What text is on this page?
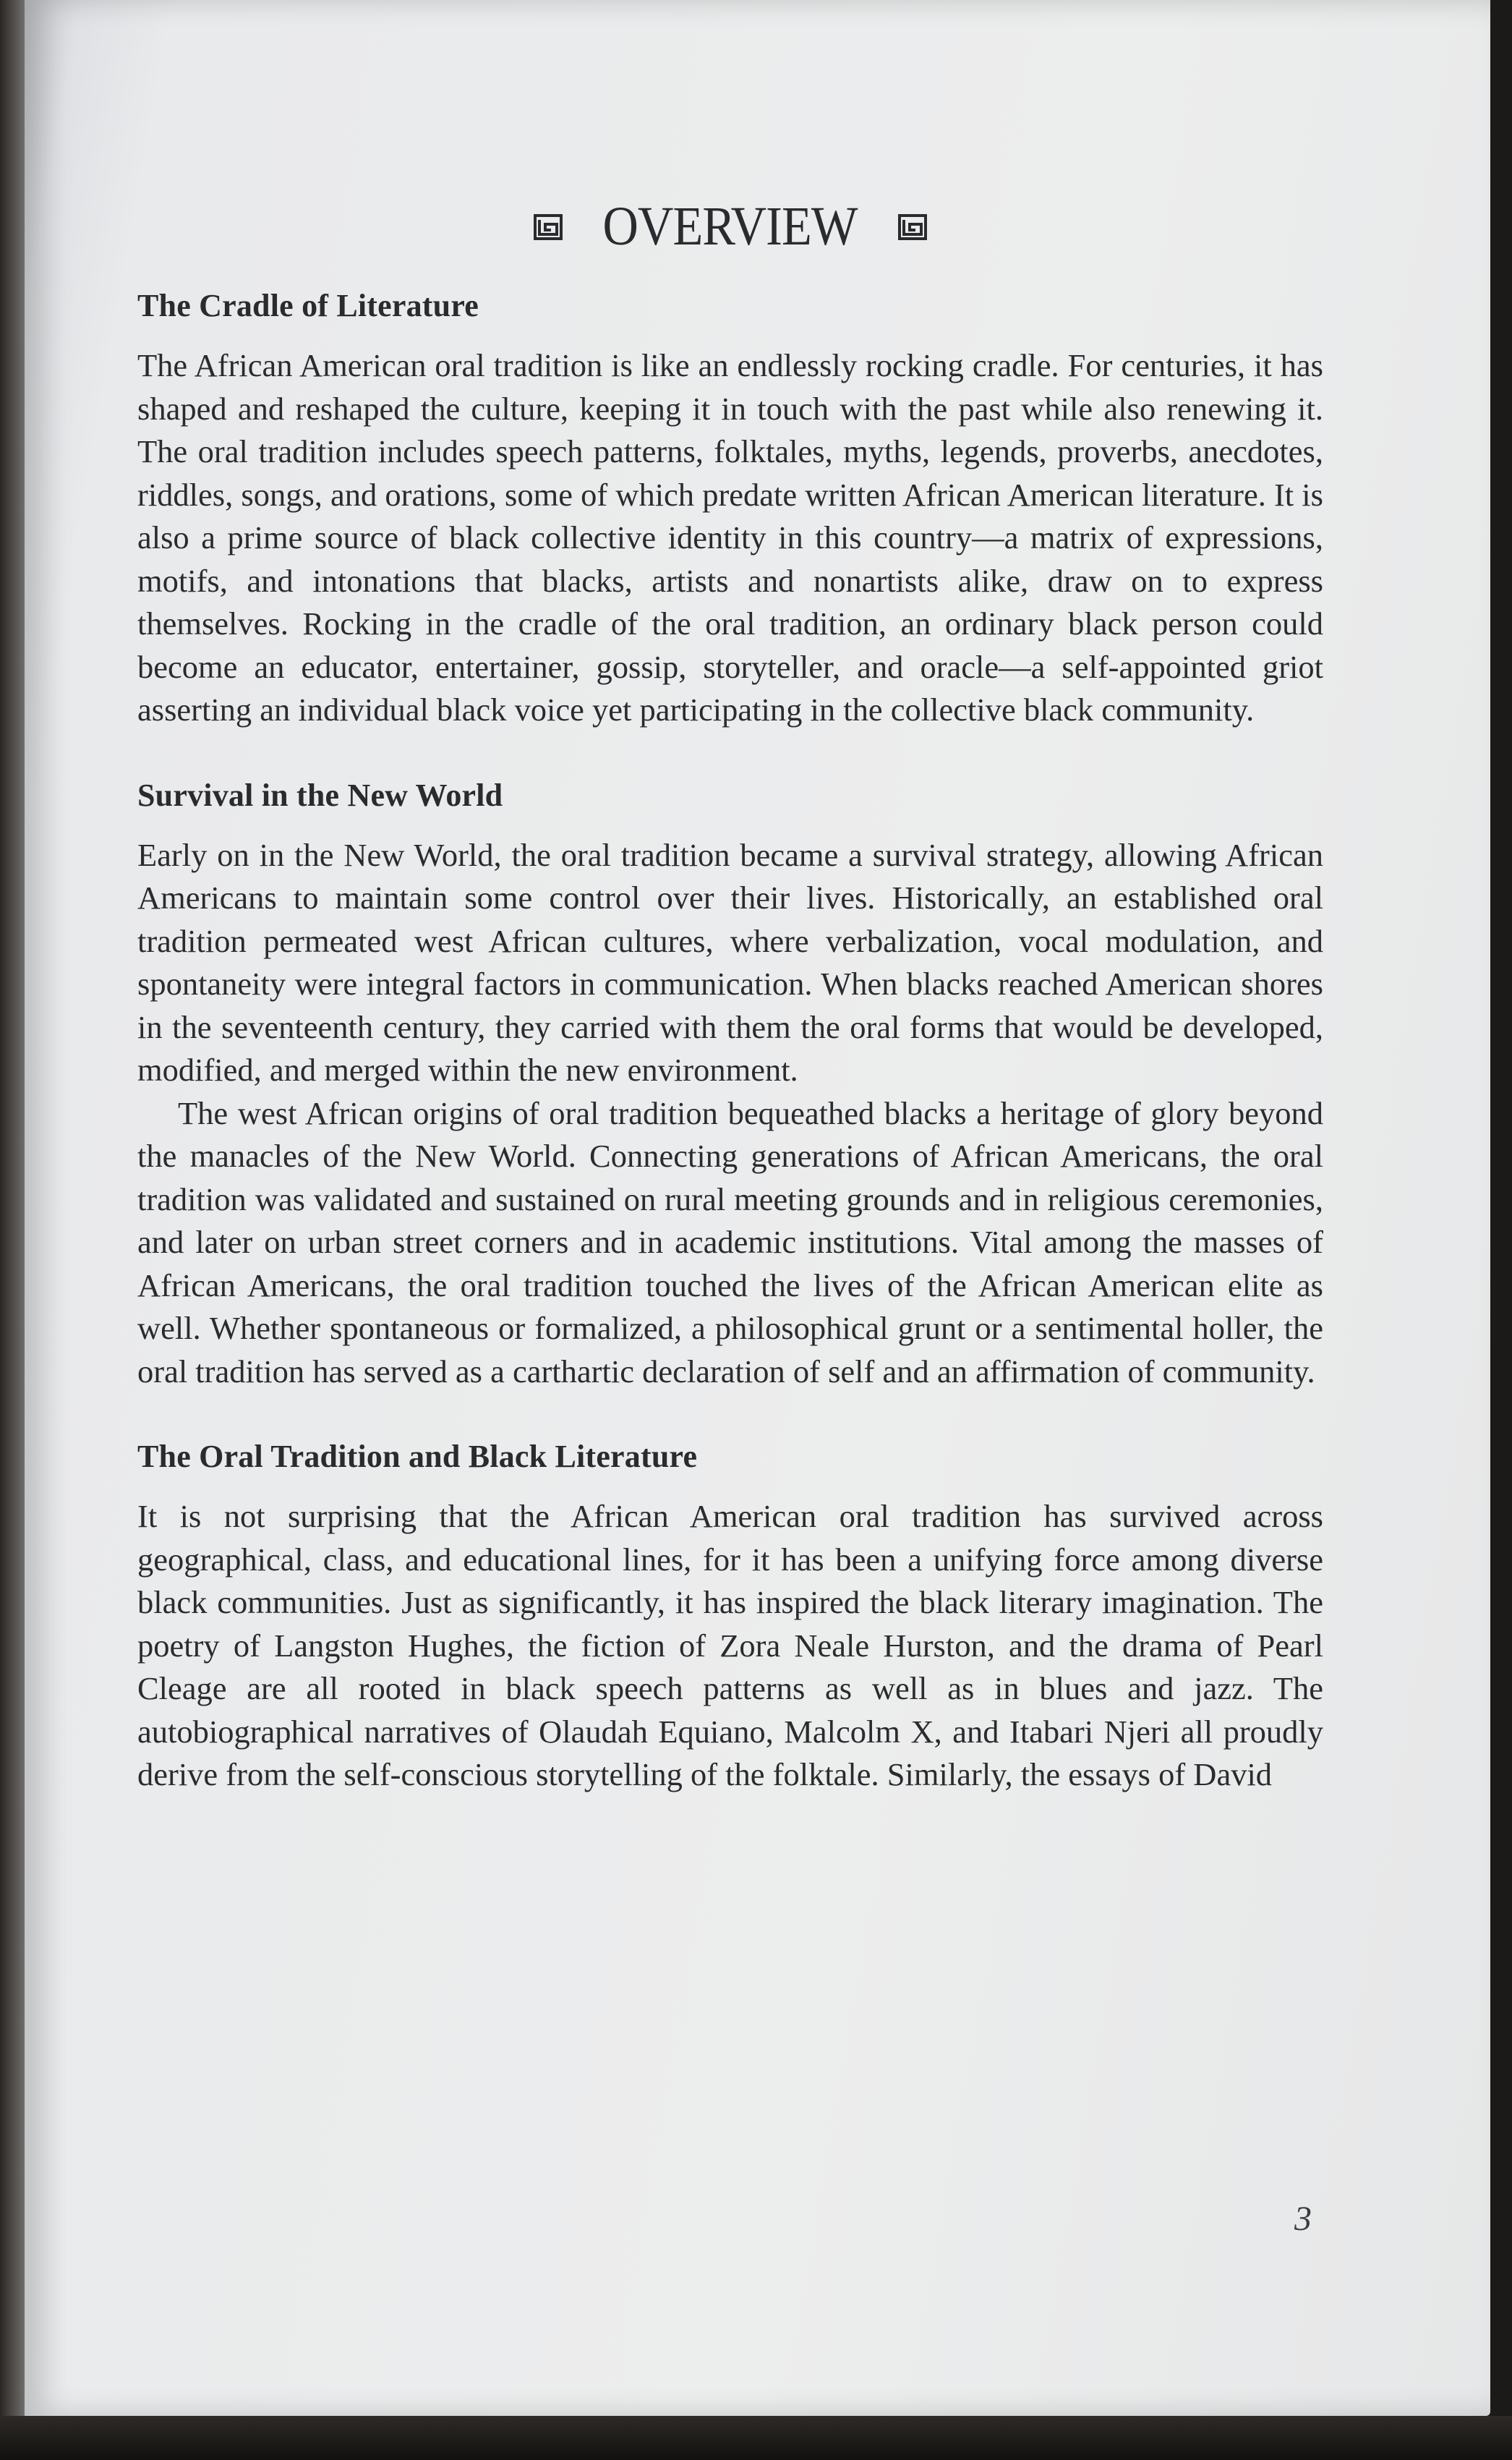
OVERVIEW
The Cradle of Literature

The African American oral tradition is like an endlessly rocking cradle. For centuries, it has shaped and reshaped the culture, keeping it in touch with the past while also renewing it. The oral tradition includes speech patterns, folktales, myths, legends, proverbs, anecdotes, riddles, songs, and orations, some of which predate written African American literature. It is also a prime source of black collective identity in this country—a matrix of expressions, motifs, and intonations that blacks, artists and nonartists alike, draw on to express themselves. Rocking in the cradle of the oral tradition, an ordinary black person could become an educator, entertainer, gossip, storyteller, and oracle—a self-appointed griot asserting an individual black voice yet participating in the collective black community.

Survival in the New World

Early on in the New World, the oral tradition became a survival strategy, allowing African Americans to maintain some control over their lives. Historically, an established oral tradition permeated west African cultures, where verbalization, vocal modulation, and spontaneity were integral factors in communication. When blacks reached American shores in the seventeenth century, they carried with them the oral forms that would be developed, modified, and merged within the new environment.

The west African origins of oral tradition bequeathed blacks a heritage of glory beyond the manacles of the New World. Connecting generations of African Americans, the oral tradition was validated and sustained on rural meeting grounds and in religious ceremonies, and later on urban street corners and in academic institutions. Vital among the masses of African Americans, the oral tradition touched the lives of the African American elite as well. Whether spontaneous or formalized, a philosophical grunt or a sentimental holler, the oral tradition has served as a carthartic declaration of self and an affirmation of community.

The Oral Tradition and Black Literature

It is not surprising that the African American oral tradition has survived across geographical, class, and educational lines, for it has been a unifying force among diverse black communities. Just as significantly, it has inspired the black literary imagination. The poetry of Langston Hughes, the fiction of Zora Neale Hurston, and the drama of Pearl Cleage are all rooted in black speech patterns as well as in blues and jazz. The autobiographical narratives of Olaudah Equiano, Malcolm X, and Itabari Njeri all proudly derive from the self-conscious storytelling of the folktale. Similarly, the essays of David

3
